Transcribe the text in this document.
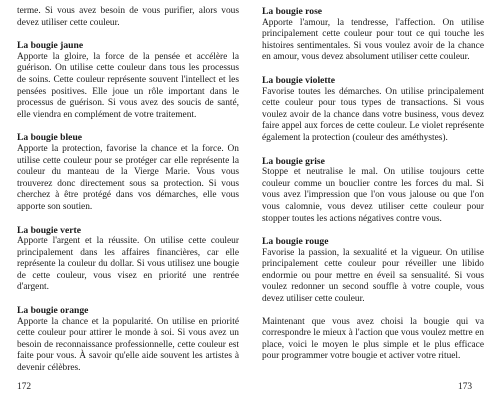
terme. Si vous avez besoin de vous purifier, alors vous devez utiliser cette couleur.

La bougie jaune

Apporte la gloire, la force de la pensée et accélère la guérison. On utilise cette couleur dans tous les processus de soins. Cette couleur représente souvent l'intellect et les pensées positives. Elle joue un rôle important dans le processus de guérison. Si vous avez des soucis de santé, elle viendra en complément de votre traitement.

La bougie bleue

Apporte la protection, favorise la chance et la force. On utilise cette couleur pour se protéger car elle représente la couleur du manteau de la Vierge Marie. Vous vous trouverez donc directement sous sa protection. Si vous cherchez à être protégé dans vos démarches, elle vous apporte son soutien.

La bougie verte

Apporte l'argent et la réussite. On utilise cette couleur principalement dans les affaires financières, car elle représente la couleur du dollar. Si vous utilisez une bougie de cette couleur, vous visez en priorité une rentrée d'argent.

La bougie orange

Apporte la chance et la popularité. On utilise en priorité cette couleur pour attirer le monde à soi. Si vous avez un besoin de reconnaissance professionnelle, cette couleur est faite pour vous. À savoir qu'elle aide souvent les artistes à devenir célèbres.

La bougie rose

Apporte l'amour, la tendresse, l'affection. On utilise principalement cette couleur pour tout ce qui touche les histoires sentimentales. Si vous voulez avoir de la chance en amour, vous devez absolument utiliser cette couleur.

La bougie violette

Favorise toutes les démarches. On utilise principalement cette couleur pour tous types de transactions. Si vous voulez avoir de la chance dans votre business, vous devez faire appel aux forces de cette couleur. Le violet représente également la protection (couleur des améthystes).

La bougie grise

Stoppe et neutralise le mal. On utilise toujours cette couleur comme un bouclier contre les forces du mal. Si vous avez l'impression que l'on vous jalouse ou que l'on vous calomnie, vous devez utiliser cette couleur pour stopper toutes les actions négatives contre vous.

La bougie rouge

Favorise la passion, la sexualité et la vigueur. On utilise principalement cette couleur pour réveiller une libido endormie ou pour mettre en éveil sa sensualité. Si vous voulez redonner un second souffle à votre couple, vous devez utiliser cette couleur.

Maintenant que vous avez choisi la bougie qui va correspondre le mieux à l'action que vous voulez mettre en place, voici le moyen le plus simple et le plus efficace pour programmer votre bougie et activer votre rituel.

172	173
